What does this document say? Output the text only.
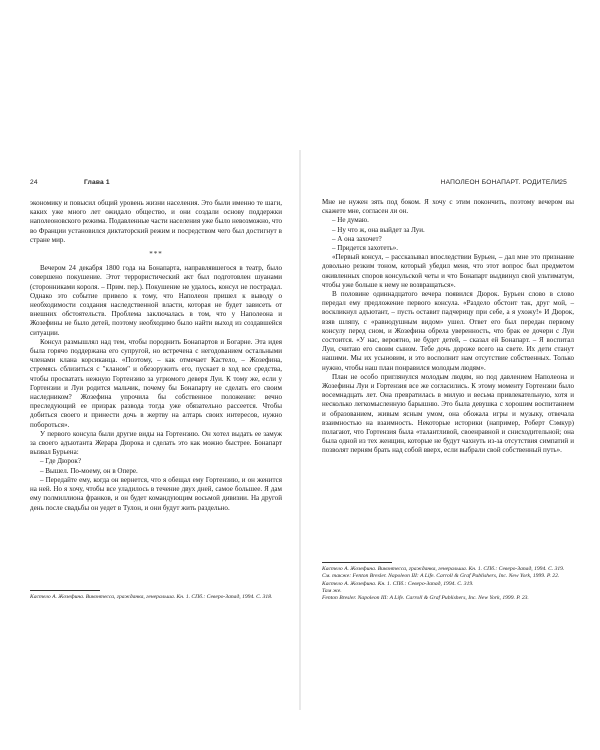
24	Глава 1

экономику и повысил общий уровень жизни населения. Это были именно те шаги, каких уже много лет ожидало общество, и они создали основу поддержки наполеоновского режима. Подавленные части населения уже было невозможно, что во Франции установился диктаторский режим и посредством чего был достигнут в стране мир.

***

Вечером 24 декабря 1800 года на Бонапарта, направлявшегося в театр, было совершено покушение. Этот террористический акт был подготовлен шуанами (сторонниками короля. – Прим. пер.). Покушение не удалось, консул не пострадал. Однако это событие привело к тому, что Наполеон пришел к выводу о необходимости создания наследственной власти, которая не будет зависеть от внешних обстоятельств. Проблема заключалась в том, что у Наполеона и Жозефины не было детей, поэтому необходимо было найти выход из создавшейся ситуации.

Консул размышлял над тем, чтобы породнить Бонапартов и Богарне. Эта идея была горячо поддержана его супругой, но встречена с негодованием остальными членами клана корсиканца. «Поэтому, – как отмечает Кастело, – Жозефина, стремясь сблизиться с "кланом" и обезоружить его, пускает в ход все средства, чтобы просватать нежную Гортензию за угрюмого деверя Луи. К тому же, если у Гортензии и Луи родится мальчик, почему бы Бонапарту не сделать его своим наследником? Жозефина упрочила бы собственное положение: вечно преследующий ее призрак развода тогда уже обязательно рассеется. Чтобы добиться своего и принести дочь в жертву на алтарь своих интересов, нужно побороться».

У первого консула были другие виды на Гортензию. Он хотел выдать ее замуж за своего адъютанта Жерара Дюрока и сделать это как можно быстрее. Бонапарт вызвал Бурьена:

– Где Дюрок?

– Вышел. По-моему, он в Опере.

– Передайте ему, когда он вернется, что я обещал ему Гортензию, и он женится на ней. Но я хочу, чтобы все уладилось в течение двух дней, самое большее. Я дам ему полмиллиона франков, и он будет командующим восьмой дивизии. На другой день после свадьбы он уедет в Тулон, и они будут жить раздельно.

Кастело А. Жозефина. Виконтесса, гражданка, генеральша. Кн. 1. СПб.: Северо-Запад, 1994. С. 318.

НАПОЛЕОН БОНАПАРТ. РОДИТЕЛИ 25

Мне не нужен зять под боком. Я хочу с этим покончить, поэтому вечером вы скажете мне, согласен ли он.

– Не думаю.

– Ну что ж, она выйдет за Луи.

– А она захочет?

– Придется захотеть».

«Первый консул, – рассказывал впоследствии Бурьен, – дал мне это признание довольно резким тоном, который убедил меня, что этот вопрос был предметом оживленных споров консульской четы и что Бонапарт выдвинул свой ультиматум, чтобы уже больше к нему не возвращаться».

В половине одиннадцатого вечера появился Дюрок. Бурьен слово в слово передал ему предложение первого консула. «Раздело обстоит так, друг мой, – воскликнул адъютант, – пусть оставит падчерицу при себе, а я ухожу!» И Дюрок, взяв шляпу, с «равнодушным видом» ушел. Ответ его был передан первому консулу перед сном, и Жозефина обрела уверенность, что брак ее дочери с Луи состоится. «У нас, вероятно, не будет детей, – сказал ей Бонапарт. – Я воспитал Луи, считаю его своим сыном. Тебе дочь дороже всего на свете. Их дети станут нашими. Мы их усыновим, и это восполнит нам отсутствие собственных. Только нужно, чтобы наш план понравился молодым людям».

План не особо приглянулся молодым людям, но под давлением Наполеона и Жозефины Луи и Гортензия все же согласились. К этому моменту Гортензии было восемнадцать лет. Она превратилась в милую и весьма привлекательную, хотя и несколько легкомысленную барышню. Это была девушка с хорошим воспитанием и образованием, живым ясным умом, она обожала игры и музыку, отвечала взаимностью на взаимность. Некоторые историки (например, Роберт Сэмкур) полагают, что Гортензия была «талантливой, своенравной и снисходительной; она была одной из тех женщин, которые не будут чахнуть из-за отсутствия симпатий и позволят перням брать над собой вверх, если выбрали свой собственный путь».

Кастело А. Жозефина. Виконтесса, гражданка, генеральша. Кн. 1. СПб.: Северо-Запад, 1994. С. 319. См. также: Fenton Bresler. Napoleon III: A Life. Carroll & Graf Publishers, Inc. New York, 1999. P. 22.

Кастело А. Жозефина. Кн. 1. СПб.: Северо-Запад, 1994. С. 319.

Там же.

Fenton Bresler. Napoleon III: A Life. Carroll & Graf Publishers, Inc. New York, 1999. P. 23.
